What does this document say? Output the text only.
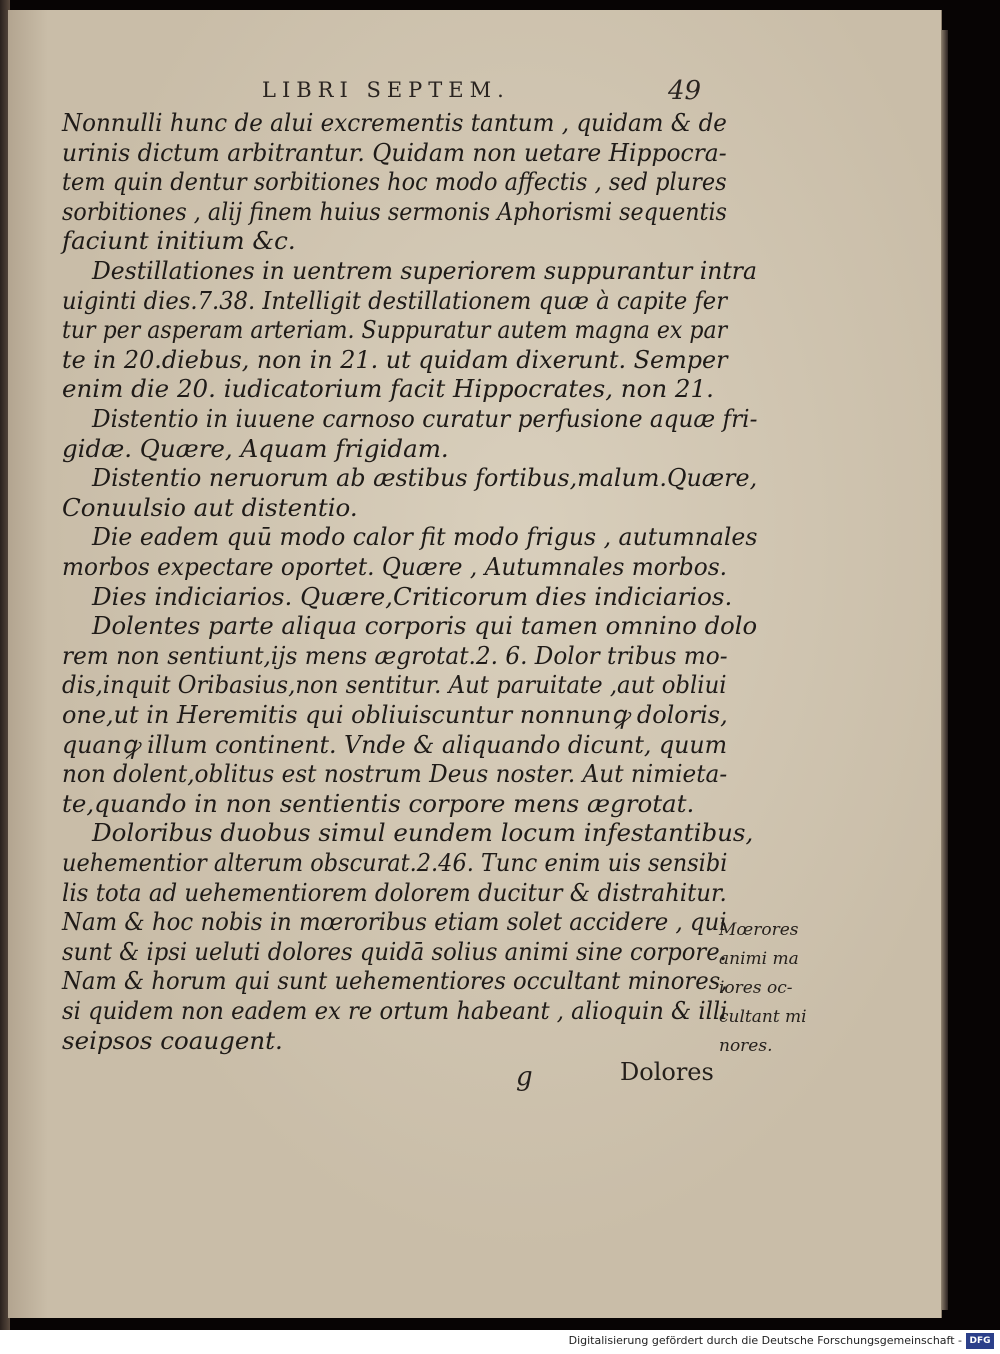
LIBRI SEPTEM.	49
Nonnulli hunc de alui excrementis tantum , quidam & de
urinis dictum arbitrantur. Quidam non uetare Hippocra-
tem quin dentur sorbitiones hoc modo affectis , sed plures
sorbitiones , alij finem huius sermonis Aphorismi sequentis
faciunt initium &c.
Destillationes in uentrem superiorem suppurantur intra
uiginti dies.7.38. Intelligit destillationem quæ à capite fer
tur per asperam arteriam. Suppuratur autem magna ex par
te in 20.diebus, non in 21. ut quidam dixerunt. Semper
enim die 20. iudicatorium facit Hippocrates, non 21.
Distentio in iuuene carnoso curatur perfusione aquæ fri-
gidæ. Quære, Aquam frigidam.
Distentio neruorum ab æstibus fortibus,malum.Quære,
Conuulsio aut distentio.
Die eadem quū modo calor fit modo frigus , autumnales
morbos expectare oportet. Quære , Autumnales morbos.
Dies indiciarios. Quære,Criticorum dies indiciarios.
Dolentes parte aliqua corporis qui tamen omnino dolo
rem non sentiunt,ijs mens ægrotat.2. 6. Dolor tribus mo-
dis,inquit Oribasius,non sentitur. Aut paruitate ,aut obliui
one,ut in Heremitis qui obliuiscuntur nonnunꝙ doloris,
quanꝙ illum continent. Vnde & aliquando dicunt, quum
non dolent,oblitus est nostrum Deus noster. Aut nimieta-
te,quando in non sentientis corpore mens ægrotat.
Doloribus duobus simul eundem locum infestantibus,
uehementior alterum obscurat.2.46. Tunc enim uis sensibi
lis tota ad uehementiorem dolorem ducitur & distrahitur.
Nam & hoc nobis in mœroribus etiam solet accidere , qui
sunt & ipsi ueluti dolores quidā solius animi sine corpore.
Nam & horum qui sunt uehementiores occultant minores,
si quidem non eadem ex re ortum habeant , alioquin & illi
seipsos coaugent.
Mœrores
animi ma
iores oc-
cultant mi
nores.
g	Dolores
Digitalisierung gefördert durch die Deutsche Forschungsgemeinschaft - DFG
